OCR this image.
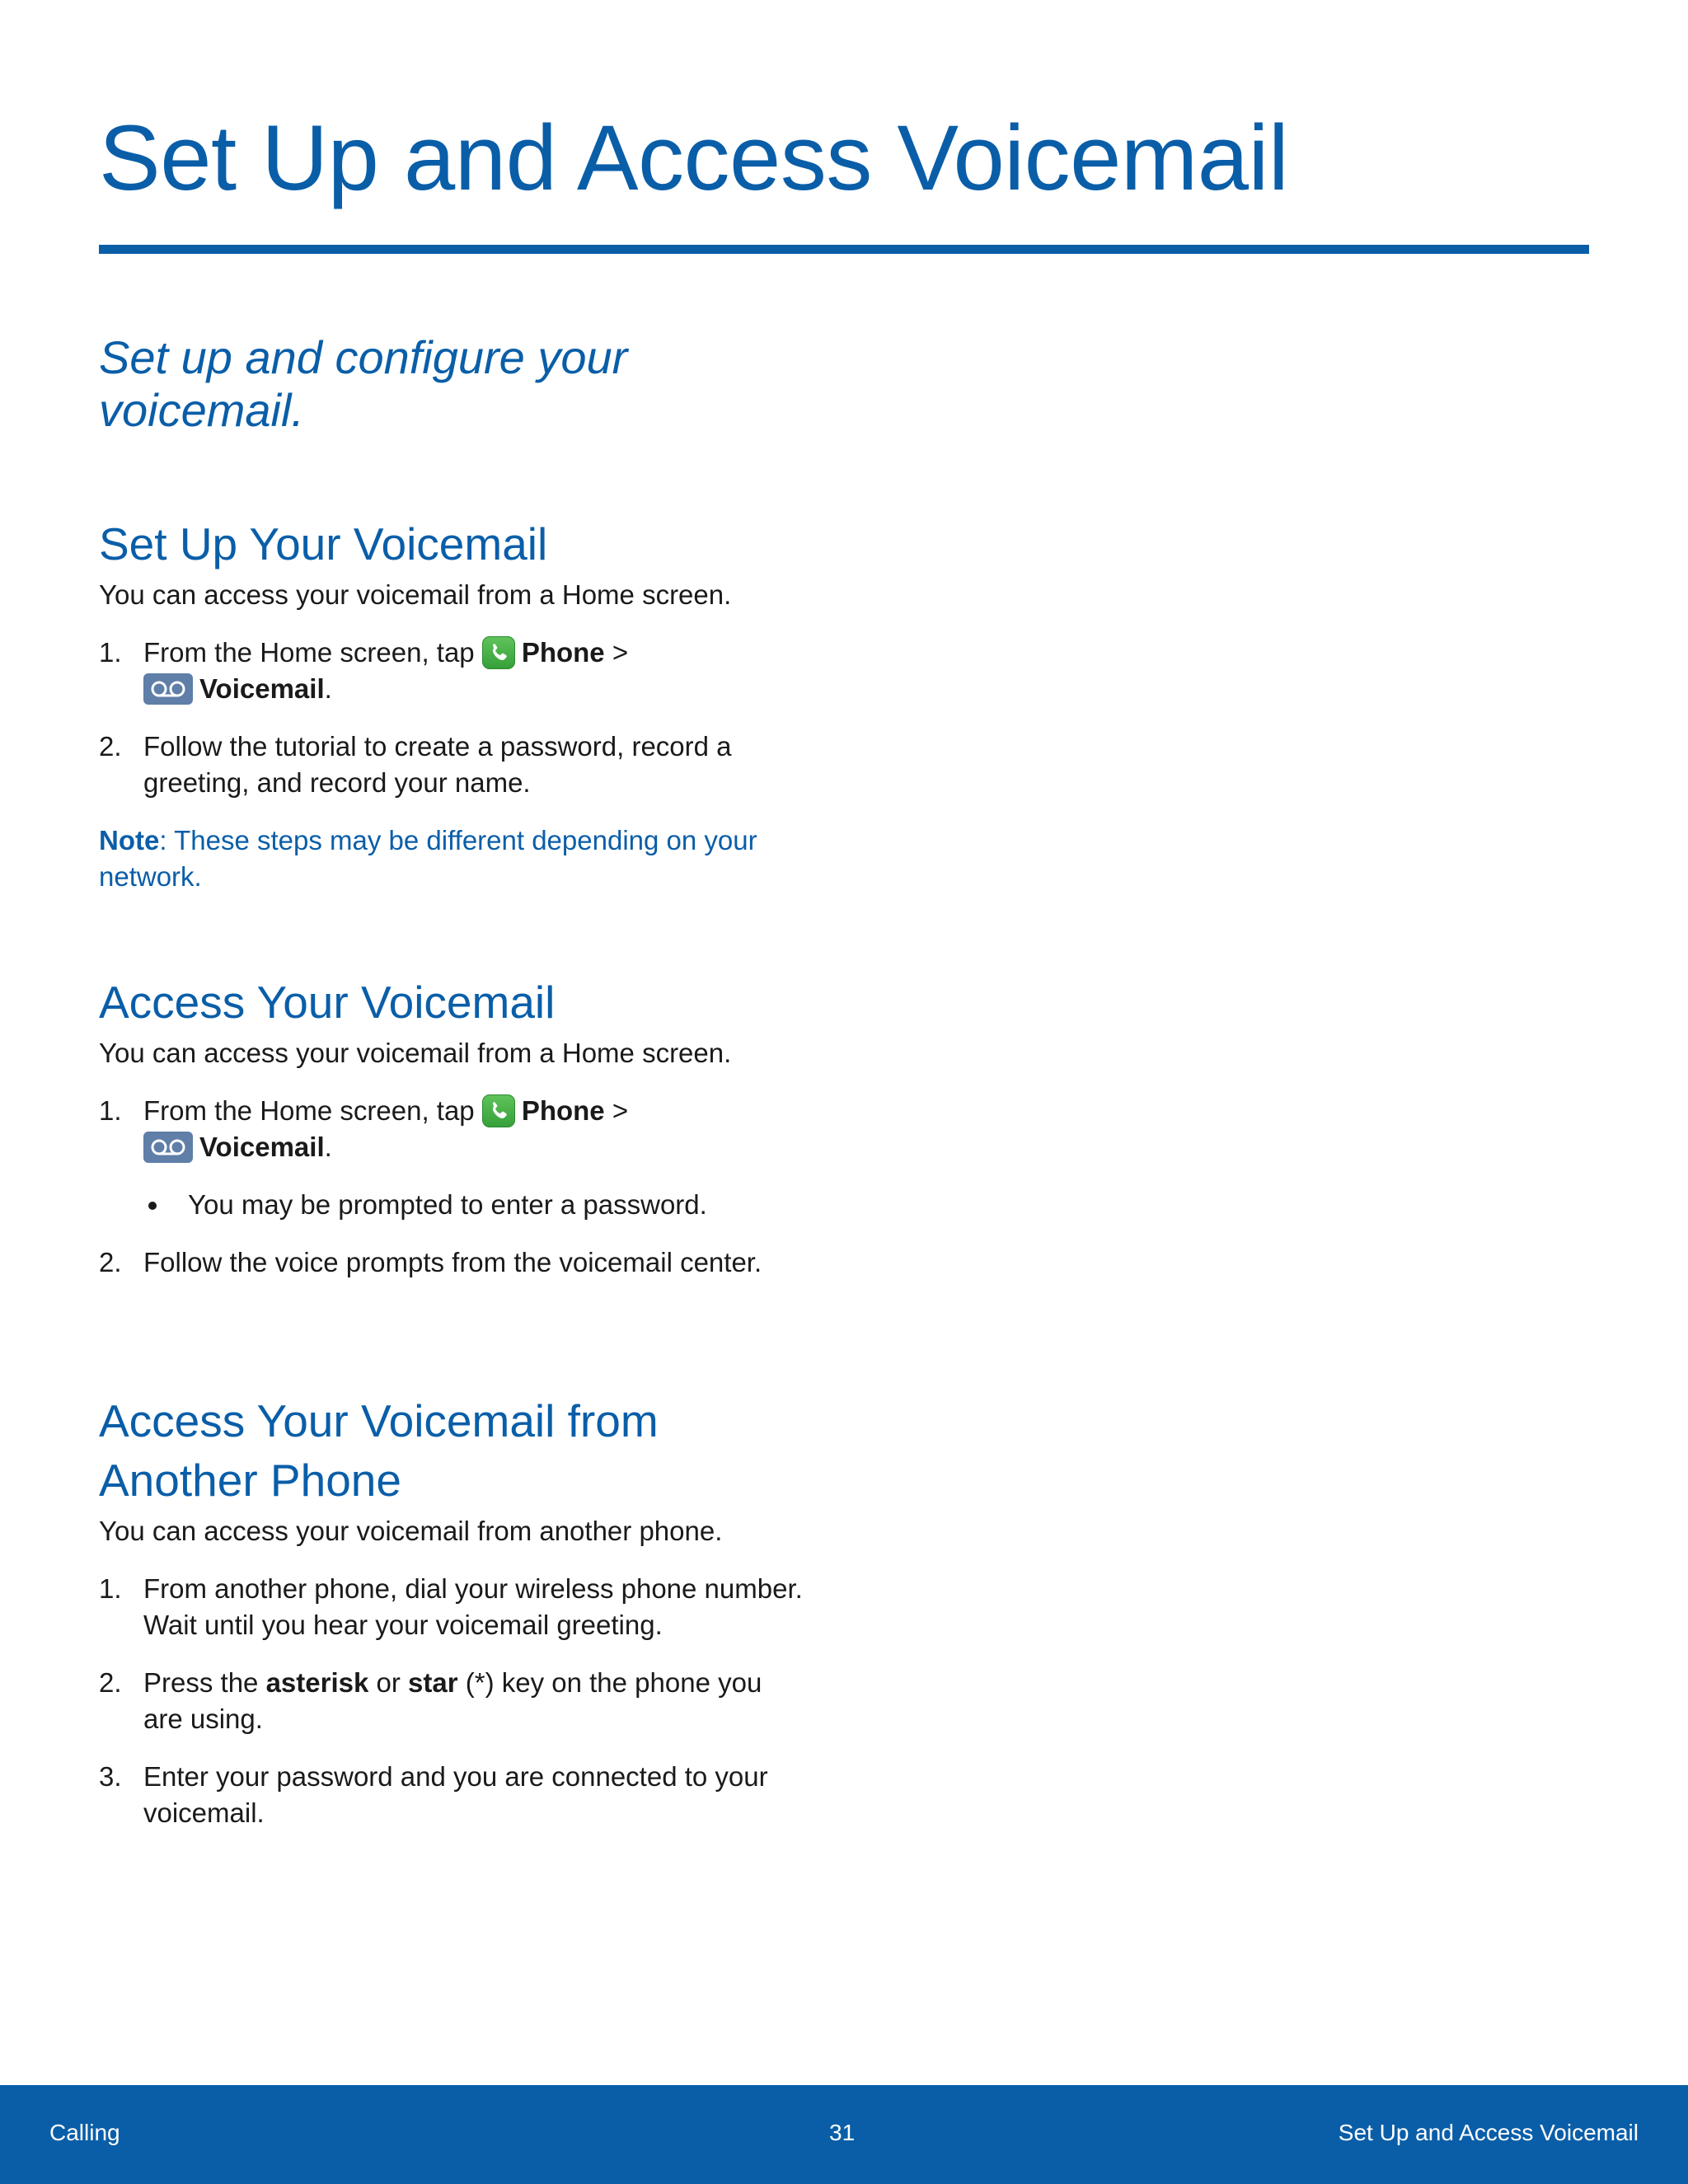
Set Up and Access Voicemail
Set up and configure your voicemail.
Set Up Your Voicemail

You can access your voicemail from a Home screen.

1. From the Home screen, tap Phone >
Voicemail.
2. Follow the tutorial to create a password, record a greeting, and record your name.
Note: These steps may be different depending on your network.
Access Your Voicemail

You can access your voicemail from a Home screen.

1. From the Home screen, tap Phone >
Voicemail.
You may be prompted to enter a password.
2. Follow the voice prompts from the voicemail center.
Access Your Voicemail from Another Phone

You can access your voicemail from another phone.

1. From another phone, dial your wireless phone number. Wait until you hear your voicemail greeting.
2. Press the asterisk or star (*) key on the phone you are using.
3. Enter your password and you are connected to your voicemail.
Calling	31	Set Up and Access Voicemail
